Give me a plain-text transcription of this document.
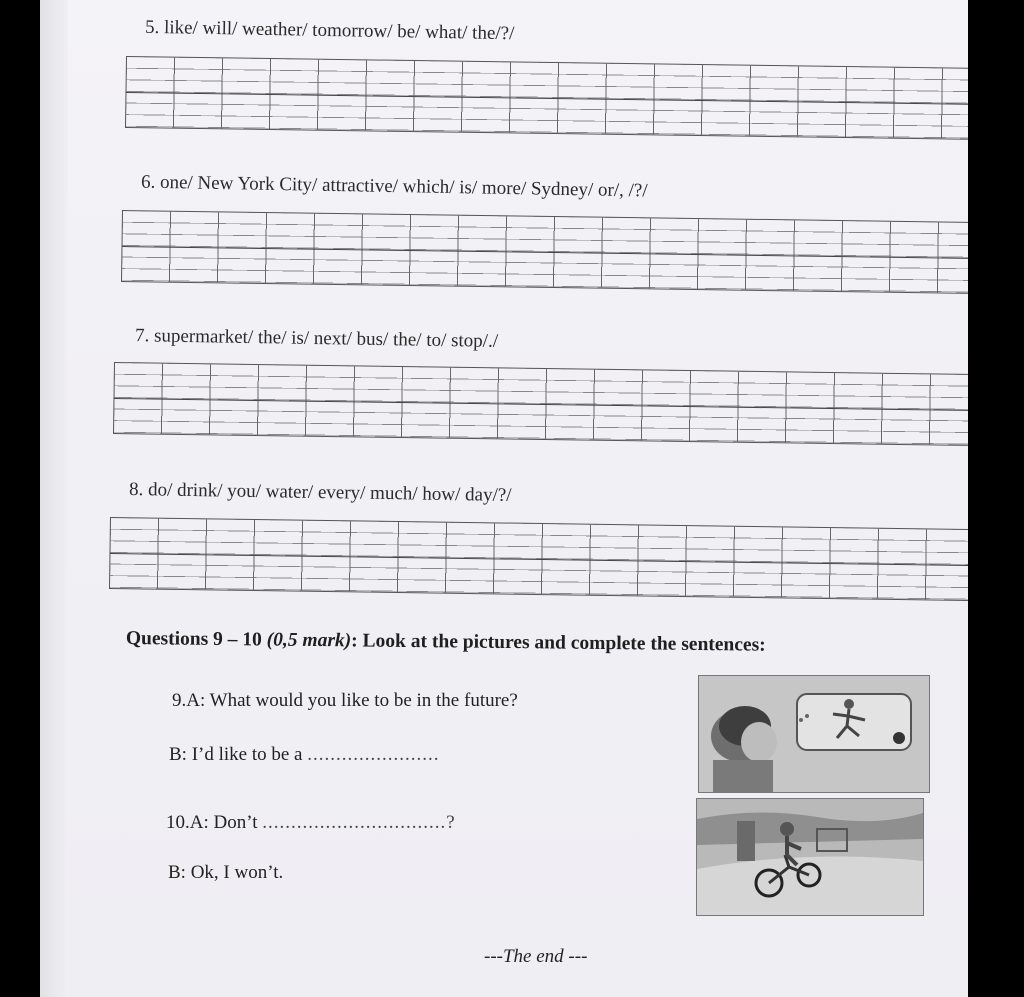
5. like/ will/ weather/ tomorrow/ be/ what/ the/?/
6. one/ New York City/ attractive/ which/ is/ more/ Sydney/ or/, /?/
7. supermarket/ the/ is/ next/ bus/ the/ to/ stop/./
8. do/ drink/ you/ water/ every/ much/ how/ day/?/
Questions 9 – 10 (0,5 mark): Look at the pictures and complete the sentences:
9.A: What would you like to be in the future?
B: I’d like to be a .......................
10.A: Don’t ................................?
B: Ok, I won’t.
---The end ---
